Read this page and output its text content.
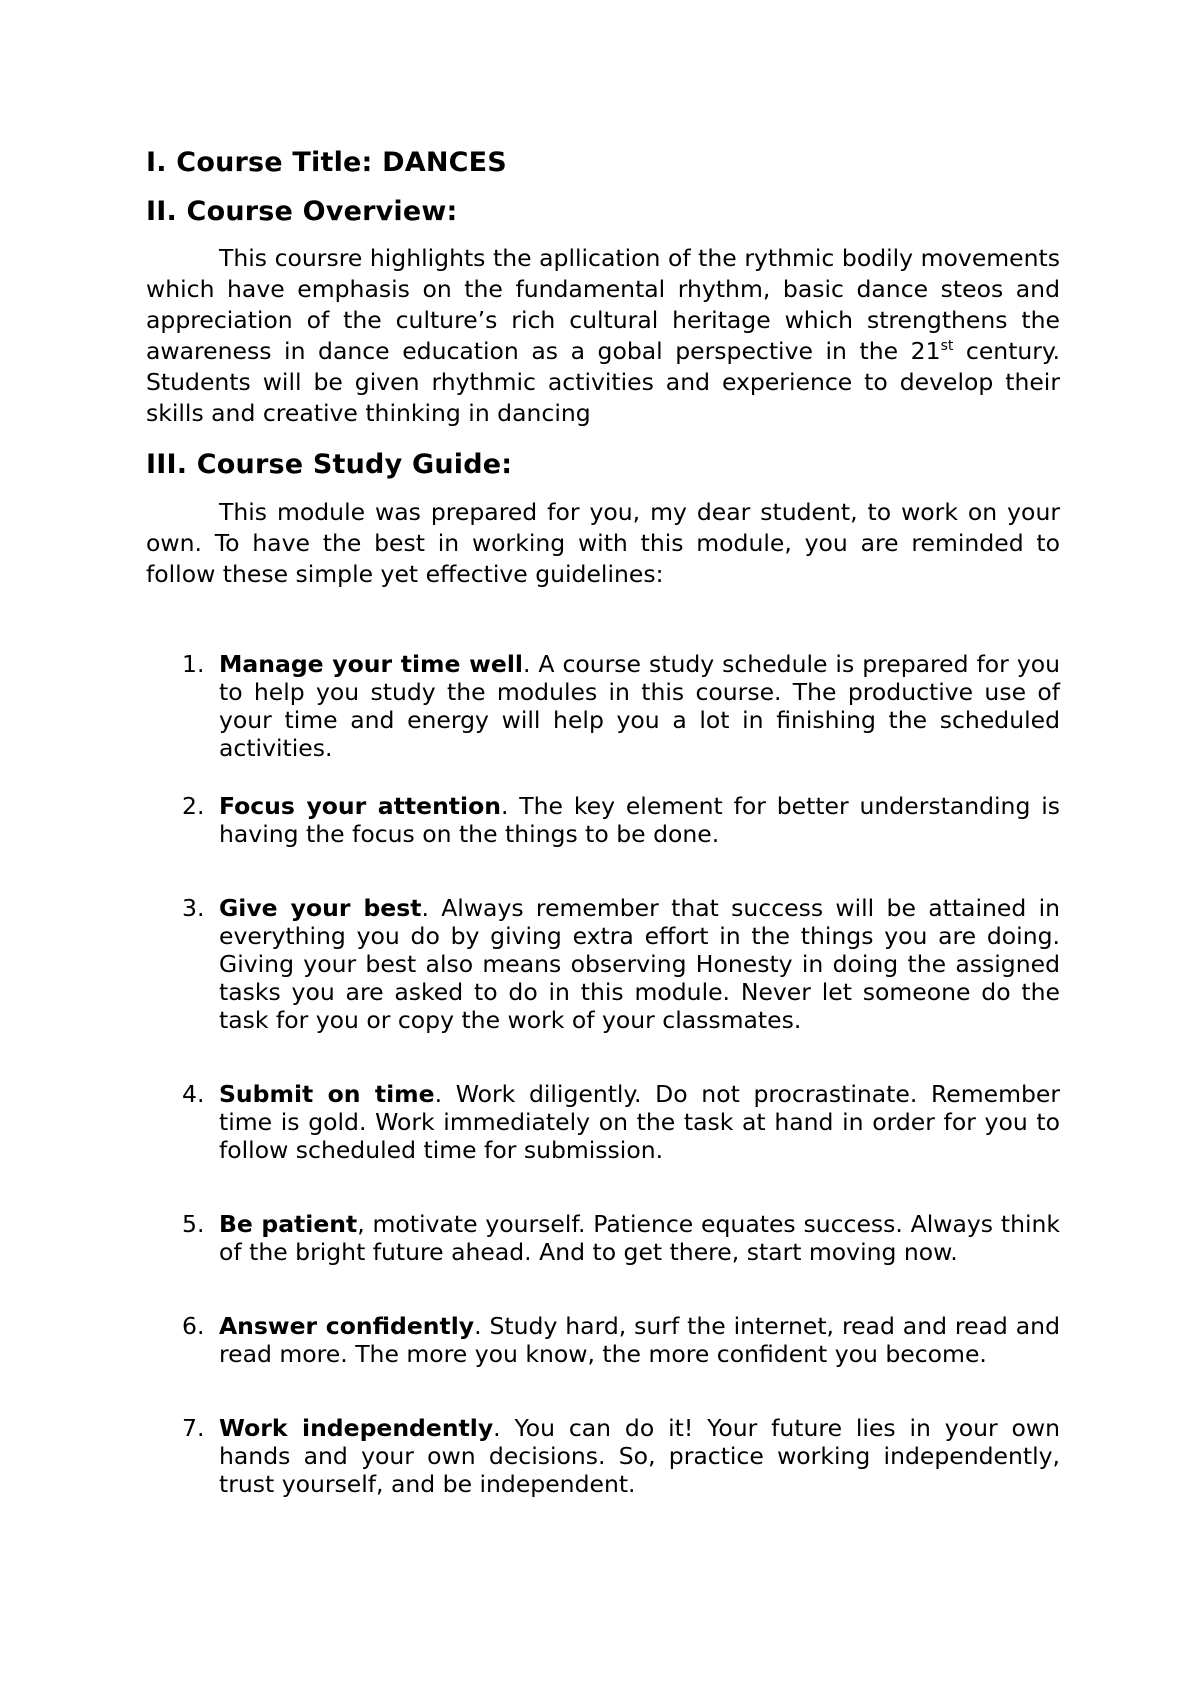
I. Course Title: DANCES
II. Course Overview:

This coursre highlights the apllication of the rythmic bodily movements which have emphasis on the fundamental rhythm, basic dance steos and appreciation of the culture’s rich cultural heritage which strengthens the awareness in dance education as a gobal perspective in the 21st century. Students will be given rhythmic activities and experience to develop their skills and creative thinking in dancing

III. Course Study Guide:

This module was prepared for you, my dear student, to work on your own. To have the best in working with this module, you are reminded to follow these simple yet effective guidelines:

1. Manage your time well. A course study schedule is prepared for you to help you study the modules in this course. The productive use of your time and energy will help you a lot in finishing the scheduled activities.
2. Focus your attention. The key element for better understanding is having the focus on the things to be done.
3. Give your best. Always remember that success will be attained in everything you do by giving extra effort in the things you are doing. Giving your best also means observing Honesty in doing the assigned tasks you are asked to do in this module. Never let someone do the task for you or copy the work of your classmates.
4. Submit on time. Work diligently. Do not procrastinate. Remember time is gold. Work immediately on the task at hand in order for you to follow scheduled time for submission.
5. Be patient, motivate yourself. Patience equates success. Always think of the bright future ahead. And to get there, start moving now.
6. Answer confidently. Study hard, surf the internet, read and read and read more. The more you know, the more confident you become.
7. Work independently. You can do it! Your future lies in your own hands and your own decisions. So, practice working independently, trust yourself, and be independent.
